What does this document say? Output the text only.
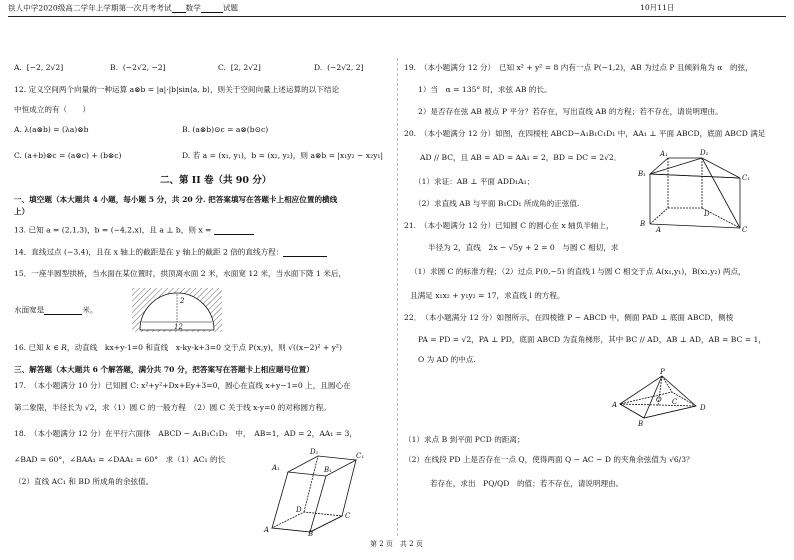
铁人中学2020级高二学年上学期第一次月考考试 数学	试题	10月11日
A. [−2, 2√2]	B. (−2√2, −2]	C. [2, 2√2]	D. (−2√2, 2]
12. 定义空间两个向量的一种运算 a⊗b = |a|·|b|sin⟨a, b⟩，则关于空间向量上述运算的以下结论
中恒成立的有（　　）
A. λ(a⊗b) = (λa)⊗b	B. (a⊗b)⊙c = a⊗(b⊙c)
C. (a+b)⊗c = (a⊗c) + (b⊗c)	D. 若 a = (x₁, y₁)，b = (x₂, y₂)，则 a⊗b = |x₁y₂ − x₂y₁|
二、第 II 卷（共 90 分）
一、填空题（本大题共 4 小题，每小题 5 分，共 20 分. 把答案填写在答题卡上相应位置的横线
上）
13. 已知 a = (2,1,3)，b = (−4,2,x)，且 a ⊥ b，则 x =
14．直线过点 (−3,4)，且在 x 轴上的截距是在 y 轴上的截距 2 倍的直线方程：
15．一座半圆型拱桥，当水面在某位置时，拱顶离水面 2 米，水面宽 12 米，当水面下降 1 米后，
水面宽是	米。
2
12
16. 已知 k ∈ R，动直线　kx+y-1=0 和直线　x-ky-k+3=0 交于点 P(x,y)，则 √((x−2)² + y²)
三、解答题（本大题共 6 个解答题，满分共 70 分，把答案写在答题卡上相应题号位置）
17.　（本小题满分 10 分）已知圆 C: x²+y²+Dx+Ey+3=0，圆心在直线 x+y−1=0 上，且圆心在
第二象限，半径长为 √2，求（1）圆 C 的一般方程　（2）圆 C 关于线 x-y=0 的对称圆方程。
18.　（本小题满分 12 分）在平行六面体　ABCD − A₁B₁C₁D₁　中，　AB=1，AD = 2，AA₁ = 3，
∠BAD = 60°，∠BAA₁ = ∠DAA₁ = 60°　求（1）AC₁ 的长
（2）直线 AC₁ 和 BD 所成角的余弦值。
A	B
C
D
A₁	B₁
C₁
D₁
19.　（本小题满分 12 分）　已知 x² + y² = 8 内有一点 P(−1,2)，AB 为过点 P 且倾斜角为 α　的弦，
1）当　α = 135° 时，求弦 AB 的长。
2）是否存在弦 AB 被点 P 平分？若存在，写出直线 AB 的方程；若不存在，请说明理由。
20.　（本小题满分 12 分）如图，在四棱柱 ABCD−A₁B₁C₁D₁ 中，AA₁ ⊥ 平面 ABCD，底面 ABCD 满足
AD // BC，且 AB = AD = AA₁ = 2，BD = DC = 2√2．
（1）求证：AB ⊥ 平面 ADD₁A₁；
（2）求直线 AB 与平面 B₁CD₁ 所成角的正弦值.
A
B
C
D
A₁
B₁	C₁
D₁
21.　（本小题满分 12 分）已知圆 C 的圆心在 x 轴负半轴上，
半径为 2，直线　2x − √5y + 2 = 0　与圆 C 相切，求
（1）求圆 C 的标准方程；（2）过点 P(0,−5) 的直线 l 与圆 C 相交于点 A(x₁,y₁)，B(x₂,y₂) 两点，
且满足 x₁x₂ + y₁y₂ = 17，求直线 l 的方程。
22．　（本小题满分 12 分）如图所示，在四棱锥 P − ABCD 中，侧面 PAD ⊥ 底面 ABCD，侧棱
PA = PD = √2，PA ⊥ PD，底面 ABCD 为直角梯形，其中 BC // AD，AB ⊥ AD，AB = BC = 1，
O 为 AD 的中点.
P
A
B
C
D
O
（1）求点 B 到平面 PCD 的距离；
（2）在线段 PD 上是否存在一点 Q，使得两面 Q − AC − D 的夹角余弦值为 √6/3？
若存在，求出　PQ/QD　的值；若不存在，请说明理由。
第 2 页　共 2 页
